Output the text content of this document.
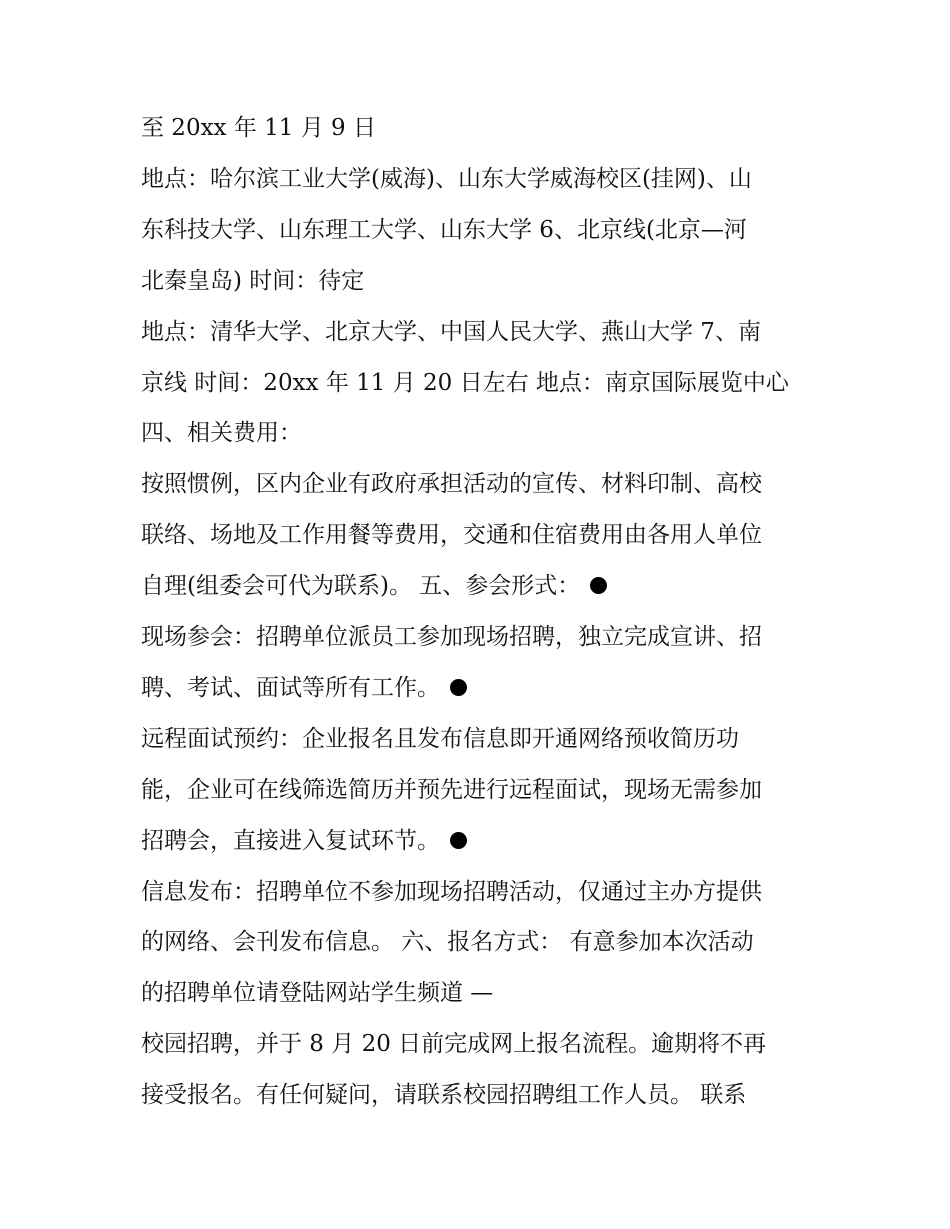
至 20xx 年 11 月 9 日
地点：哈尔滨工业大学(威海)、山东大学威海校区(挂网)、山
东科技大学、山东理工大学、山东大学 6、北京线(北京—河
北秦皇岛) 时间：待定
地点：清华大学、北京大学、中国人民大学、燕山大学 7、南
京线 时间：20xx 年 11 月 20 日左右 地点：南京国际展览中心
四、相关费用：
按照惯例，区内企业有政府承担活动的宣传、材料印制、高校
联络、场地及工作用餐等费用，交通和住宿费用由各用人单位
自理(组委会可代为联系)。 五、参会形式：
现场参会：招聘单位派员工参加现场招聘，独立完成宣讲、招
聘、考试、面试等所有工作。
远程面试预约：企业报名且发布信息即开通网络预收简历功
能，企业可在线筛选简历并预先进行远程面试，现场无需参加
招聘会，直接进入复试环节。
信息发布：招聘单位不参加现场招聘活动，仅通过主办方提供
的网络、会刊发布信息。 六、报名方式： 有意参加本次活动
的招聘单位请登陆网站学生频道 —
校园招聘，并于 8 月 20 日前完成网上报名流程。逾期将不再
接受报名。有任何疑问，请联系校园招聘组工作人员。 联系
